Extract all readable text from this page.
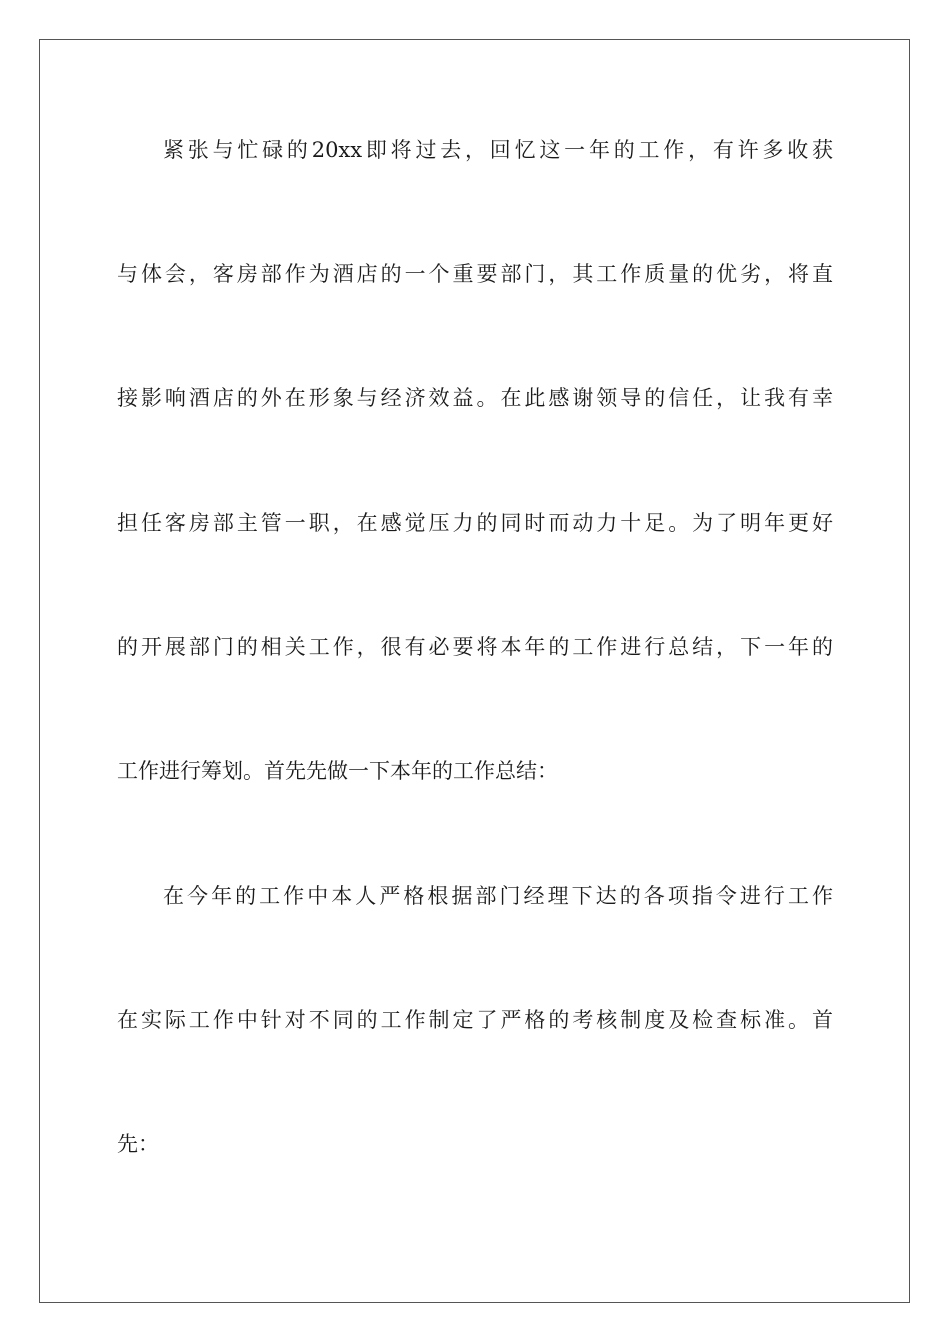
紧张与忙碌的20xx即将过去，回忆这一年的工作，有许多收获

与体会，客房部作为酒店的一个重要部门，其工作质量的优劣，将直

接影响酒店的外在形象与经济效益。在此感谢领导的信任，让我有幸

担任客房部主管一职，在感觉压力的同时而动力十足。为了明年更好

的开展部门的相关工作，很有必要将本年的工作进行总结，下一年的

工作进行筹划。首先先做一下本年的工作总结：

在今年的工作中本人严格根据部门经理下达的各项指令进行工作

在实际工作中针对不同的工作制定了严格的考核制度及检查标准。首

先：
